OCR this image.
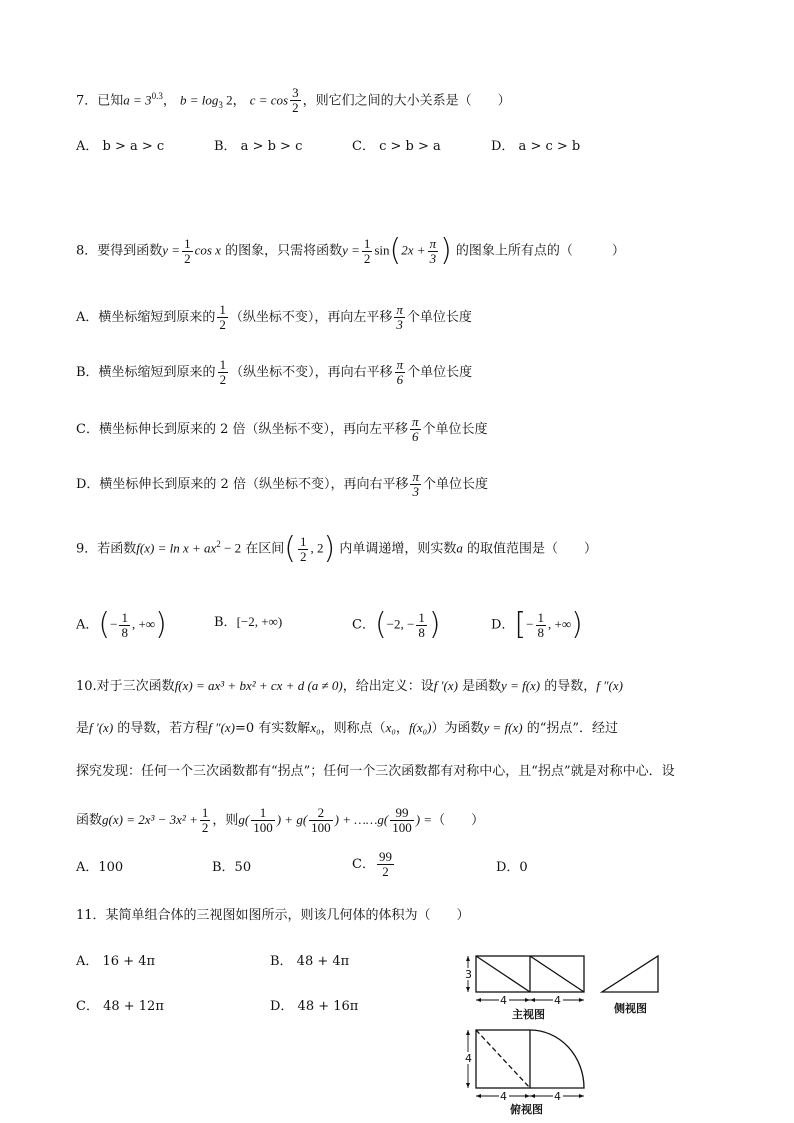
7．已知$a = 3^{0.3}$， $b = \log_3 2$， $c = \cos \frac{3}{2}$ ，则它们之间的大小关系是（　　）
A． b > a > c	B． a > b > c	C． c > b > a	D． a > c > b
8．要得到函数$y = \frac{1}{2}$ cos x 的图象，只需将函数$y = \frac{1}{2} \sin(2x + \frac{\pi}{3}$ ) 的图象上所有点的（　　　）
A．横坐标缩短到原来的 $\frac{1}{2}$ （纵坐标不变），再向左平移 $\frac{\pi}{3}$ 个单位长度
B．横坐标缩短到原来的 $\frac{1}{2}$ （纵坐标不变），再向右平移 $\frac{\pi}{6}$ 个单位长度
C．横坐标伸长到原来的 2 倍（纵坐标不变），再向左平移 $\frac{\pi}{6}$ 个单位长度
D．横坐标伸长到原来的 2 倍（纵坐标不变），再向右平移 $\frac{\pi}{3}$ 个单位长度
9．若函数$f(x) = \ln x + ax^2 - 2$ 在区间( $\frac{1}{2}$ , 2) 内单调递增，则实数a 的取值范围是（　　）
A．(− $\frac{1}{8}$ , +∞)	B．[−2, +∞)	C．(−2, − $\frac{1}{8}$ )	D．[− $\frac{1}{8}$ , +∞)
10.对于三次函数f(x) = ax³ + bx² + cx + d (a ≠ 0)，给出定义：设f ′(x) 是函数y = f(x) 的导数，f ″(x)
是f ′(x) 的导数，若方程f ″(x)=0 有实数解x₀，则称点（x₀，f(x₀)）为函数y = f(x) 的“拐点”．经过
探究发现：任何一个三次函数都有“拐点”；任何一个三次函数都有对称中心，且“拐点”就是对称中心．设
函数$g(x) = 2x^3 - 3x^2 + \frac{1}{2}$ ，则$g( \frac{1}{100}$ ) + $g( \frac{2}{100}$ ) + ……g( $\frac{99}{100}$ ) =（　　）
A．100	B．50	C． $\frac{99}{2}$	D．0
11．某简单组合体的三视图如图所示，则该几何体的体积为（　　）
A． 16 + 4π	B． 48 + 4π
C． 48 + 12π	D． 48 + 16π
3
4	4
4
4	4
主视图	侧视图
俯视图
